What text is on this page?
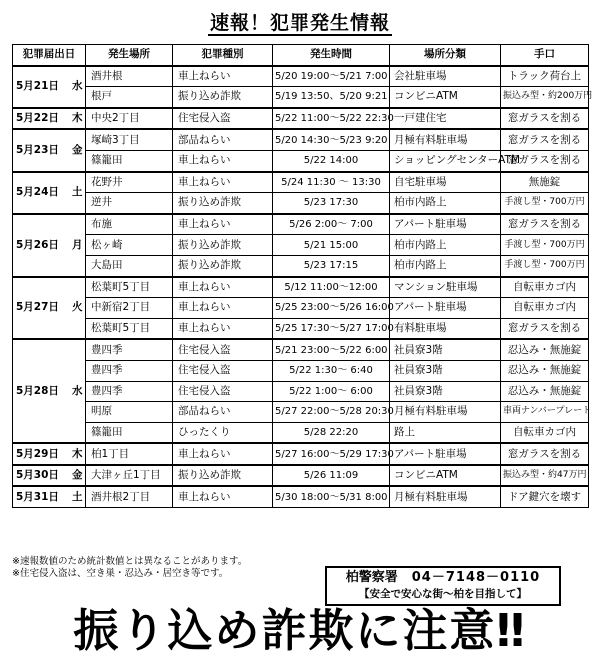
速報！犯罪発生情報
犯罪届出日		発生場所	犯罪種別	発生時間	場所分類	手口
5月21日	水	酒井根	車上ねらい	5/20 19:00～5/21 7:00	会社駐車場	トラック荷台上
		根戸	振り込め詐欺	5/19 13:50、5/20 9:21	コンビニATM	振込み型・約200万円
5月22日	木	中央2丁目	住宅侵入盗	5/22 11:00～5/22 22:30	一戸建住宅	窓ガラスを割る
5月23日	金	塚崎3丁目	部品ねらい	5/20 14:30～5/23 9:20	月極有料駐車場	窓ガラスを割る
		篠籠田	車上ねらい	5/22 14:00	ショッピングセンターATM	窓ガラスを割る
5月24日	土	花野井	車上ねらい	5/24 11:30 ～ 13:30	自宅駐車場	無施錠
		逆井	振り込め詐欺	5/23 17:30	柏市内路上	手渡し型・700万円
5月26日	月	布施	車上ねらい	5/26 2:00～ 7:00	アパート駐車場	窓ガラスを割る
		松ヶ崎	振り込め詐欺	5/21 15:00	柏市内路上	手渡し型・700万円
		大島田	振り込め詐欺	5/23 17:15	柏市内路上	手渡し型・700万円
5月27日	火	松葉町5丁目	車上ねらい	5/12 11:00～12:00	マンション駐車場	自転車カゴ内
		中新宿2丁目	車上ねらい	5/25 23:00～5/26 16:00	アパート駐車場	自転車カゴ内
		松葉町5丁目	車上ねらい	5/25 17:30～5/27 17:00	有料駐車場	窓ガラスを割る
5月28日	水	豊四季	住宅侵入盗	5/21 23:00～5/22 6:00	社員寮3階	忍込み・無施錠
		豊四季	住宅侵入盗	5/22 1:30～ 6:40	社員寮3階	忍込み・無施錠
		豊四季	住宅侵入盗	5/22 1:00～ 6:00	社員寮3階	忍込み・無施錠
		明原	部品ねらい	5/27 22:00～5/28 20:30	月極有料駐車場	車両ナンバープレート
		篠籠田	ひったくり	5/28 22:20	路上	自転車カゴ内
5月29日	木	柏1丁目	車上ねらい	5/27 16:00～5/29 17:30	アパート駐車場	窓ガラスを割る
5月30日	金	大津ヶ丘1丁目	振り込め詐欺	5/26 11:09	コンビニATM	振込み型・約47万円
5月31日	土	酒井根2丁目	車上ねらい	5/30 18:00～5/31 8:00	月極有料駐車場	ドア鍵穴を壊す
※速報数値のため統計数値とは異なることがあります。
※住宅侵入盗は、空き巣・忍込み・居空き等です。	柏警察署 04－7148－0110
【安全で安心な街～柏を目指して】
振り込め詐欺に注意‼
